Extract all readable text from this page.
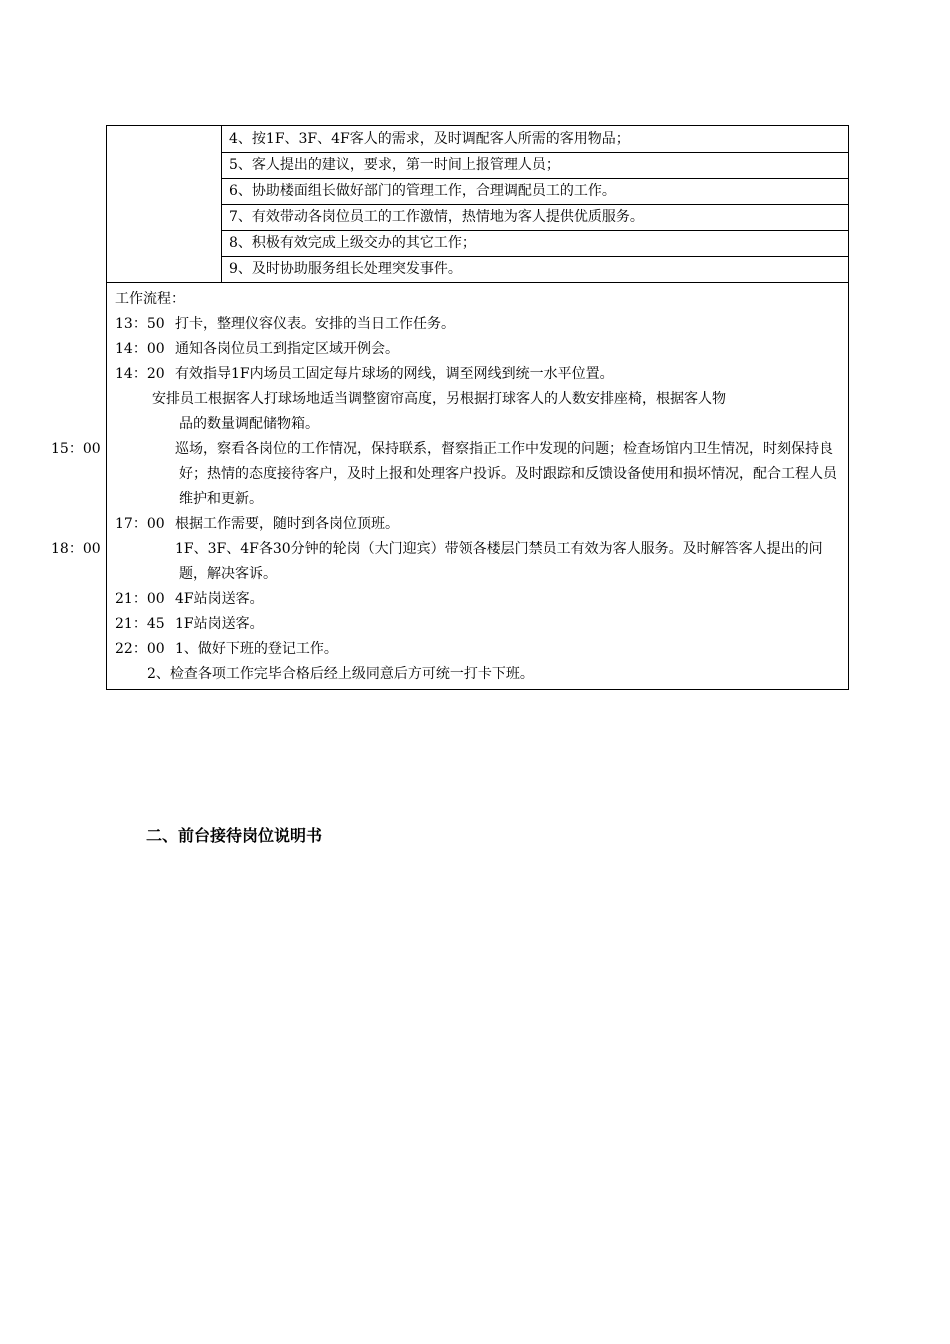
4、按1F、3F、4F客人的需求，及时调配客人所需的客用物品；
5、客人提出的建议，要求，第一时间上报管理人员；
6、协助楼面组长做好部门的管理工作，合理调配员工的工作。
7、有效带动各岗位员工的工作激情，热情地为客人提供优质服务。
8、积极有效完成上级交办的其它工作；
9、及时协助服务组长处理突发事件。

工作流程：
13：50 打卡，整理仪容仪表。安排的当日工作任务。
14：00 通知各岗位员工到指定区域开例会。
14：20 有效指导1F内场员工固定每片球场的网线，调至网线到统一水平位置。
安排员工根据客人打球场地适当调整窗帘高度，另根据打球客人的人数安排座椅，根据客人物
品的数量调配储物箱。
15：00	巡场，察看各岗位的工作情况，保持联系，督察指正工作中发现的问题；检查场馆内卫生情况，时刻保持良好；热情的态度接待客户，及时上报和处理客户投诉。及时跟踪和反馈设备使用和损坏情况，配合工程人员维护和更新。
17：00 根据工作需要，随时到各岗位顶班。
18：00	1F、3F、4F各30分钟的轮岗（大门迎宾）带领各楼层门禁员工有效为客人服务。及时解答客人提出的问题，解决客诉。
21：00 4F站岗送客。
21：45 1F站岗送客。
22：00 1、做好下班的登记工作。
2、检查各项工作完毕合格后经上级同意后方可统一打卡下班。
二、前台接待岗位说明书
